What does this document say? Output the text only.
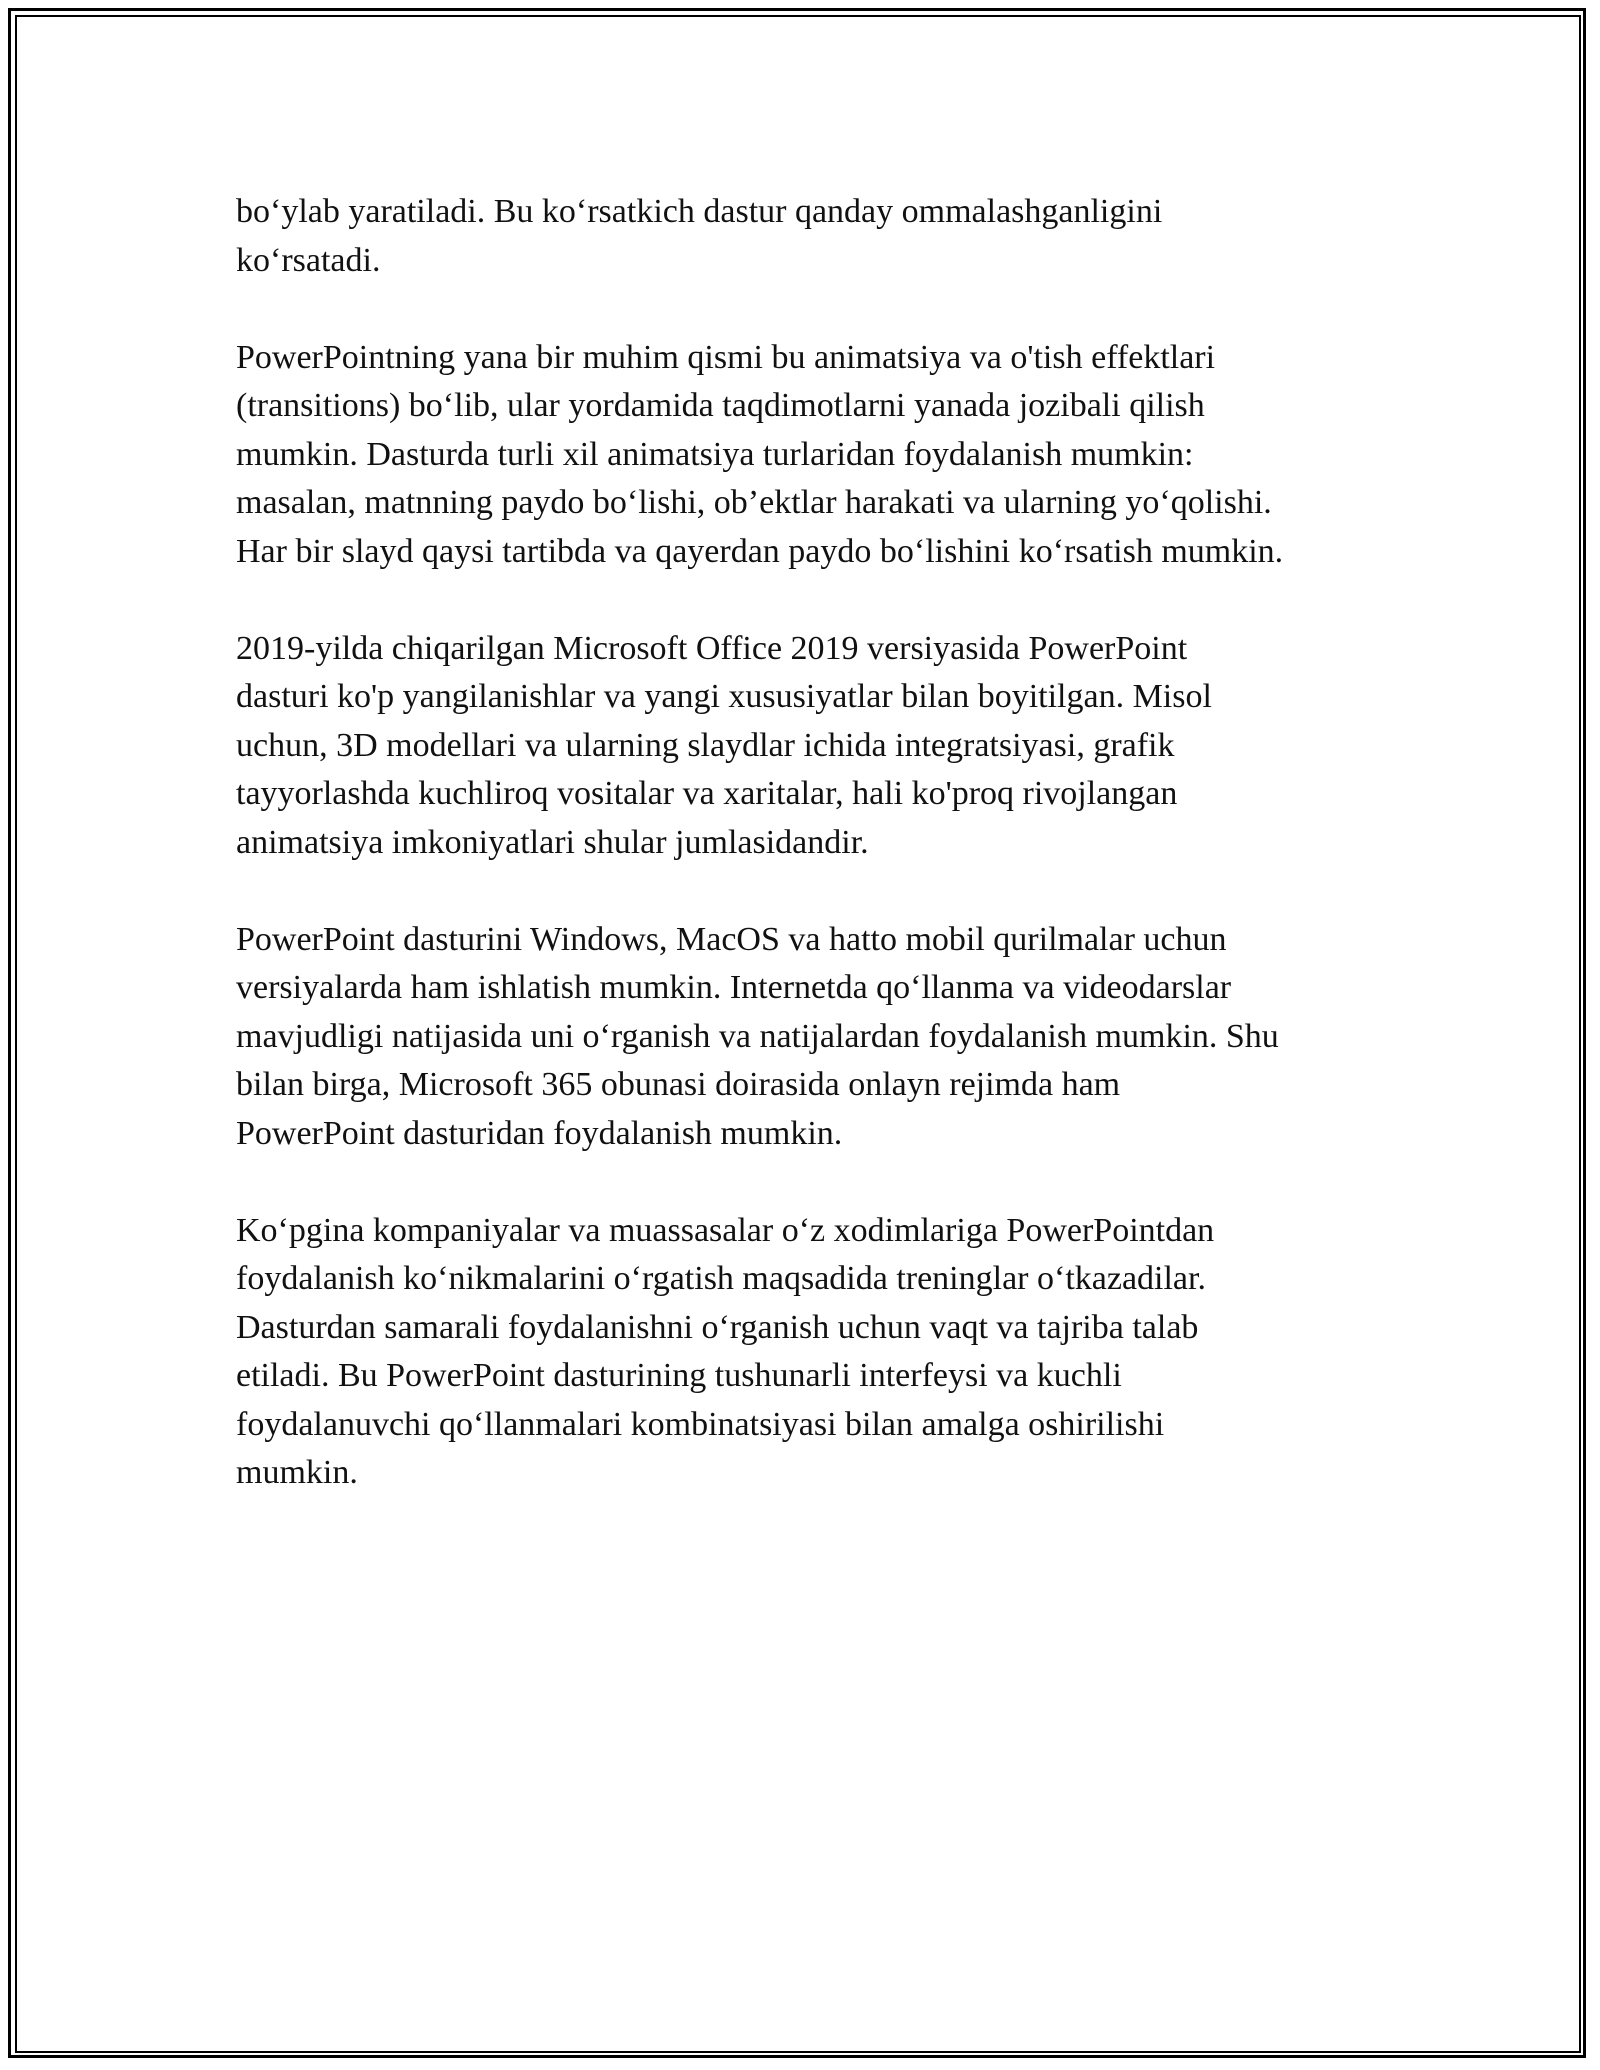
bo‘ylab yaratiladi. Bu ko‘rsatkich dastur qanday ommalashganligini
ko‘rsatadi.

PowerPointning yana bir muhim qismi bu animatsiya va o'tish effektlari
(transitions) bo‘lib, ular yordamida taqdimotlarni yanada jozibali qilish
mumkin. Dasturda turli xil animatsiya turlaridan foydalanish mumkin:
masalan, matnning paydo bo‘lishi, ob’ektlar harakati va ularning yo‘qolishi.
Har bir slayd qaysi tartibda va qayerdan paydo bo‘lishini ko‘rsatish mumkin.

2019-yilda chiqarilgan Microsoft Office 2019 versiyasida PowerPoint
dasturi ko'p yangilanishlar va yangi xususiyatlar bilan boyitilgan. Misol
uchun, 3D modellari va ularning slaydlar ichida integratsiyasi, grafik
tayyorlashda kuchliroq vositalar va xaritalar, hali ko'proq rivojlangan
animatsiya imkoniyatlari shular jumlasidandir.

PowerPoint dasturini Windows, MacOS va hatto mobil qurilmalar uchun
versiyalarda ham ishlatish mumkin. Internetda qo‘llanma va videodarslar
mavjudligi natijasida uni o‘rganish va natijalardan foydalanish mumkin. Shu
bilan birga, Microsoft 365 obunasi doirasida onlayn rejimda ham
PowerPoint dasturidan foydalanish mumkin.

Ko‘pgina kompaniyalar va muassasalar o‘z xodimlariga PowerPointdan
foydalanish ko‘nikmalarini o‘rgatish maqsadida treninglar o‘tkazadilar.
Dasturdan samarali foydalanishni o‘rganish uchun vaqt va tajriba talab
etiladi. Bu PowerPoint dasturining tushunarli interfeysi va kuchli
foydalanuvchi qo‘llanmalari kombinatsiyasi bilan amalga oshirilishi
mumkin.
